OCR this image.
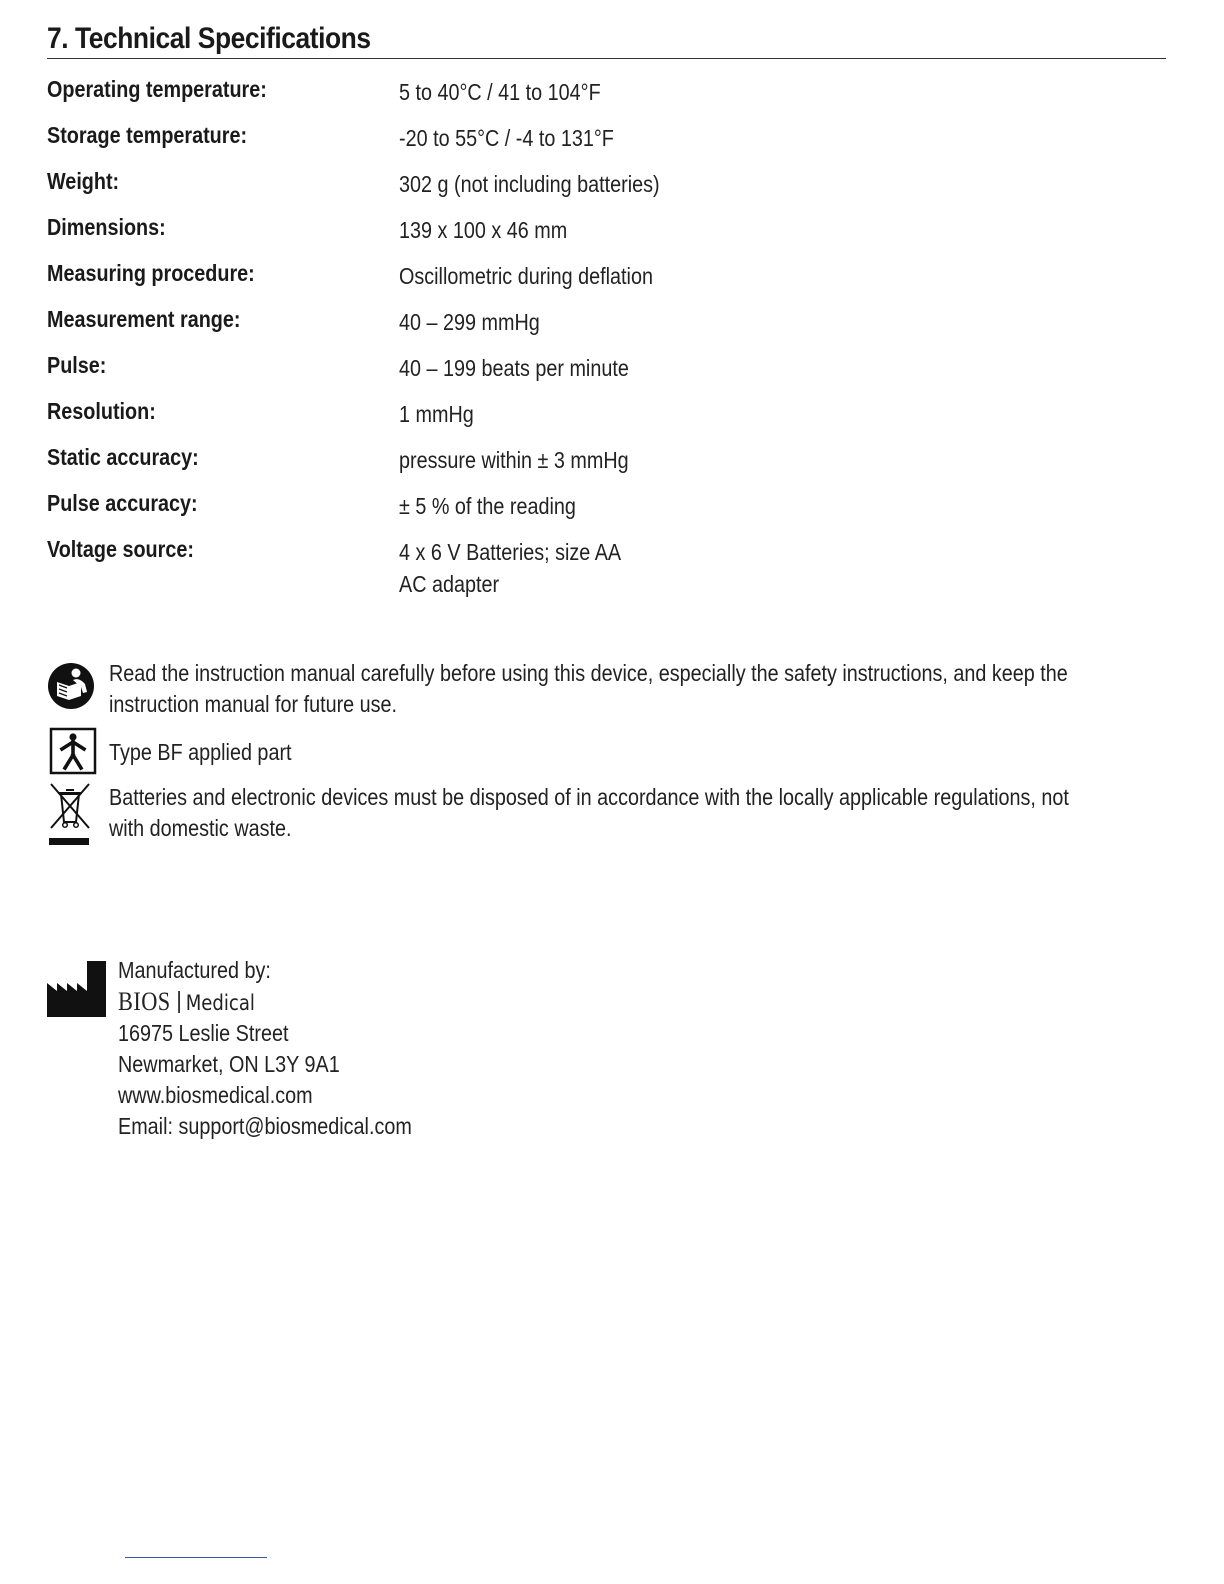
7. Technical Specifications
Operating temperature:	5 to 40°C / 41 to 104°F
Storage temperature:	-20 to 55°C / -4 to 131°F
Weight:	302 g (not including batteries)
Dimensions:	139 x 100 x 46 mm
Measuring procedure:	Oscillometric during deflation
Measurement range:	40 – 299 mmHg
Pulse:	40 – 199 beats per minute
Resolution:	1 mmHg
Static accuracy:	pressure within ± 3 mmHg
Pulse accuracy:	± 5 % of the reading
Voltage source:	4 x 6 V Batteries; size AA
AC adapter
Read the instruction manual carefully before using this device, especially the safety instructions, and keep the
instruction manual for future use.
Type BF applied part
Batteries and electronic devices must be disposed of in accordance with the locally applicable regulations, not
with domestic waste.
Manufactured by:
BIOS Medical
16975 Leslie Street
Newmarket, ON L3Y 9A1
www.biosmedical.com
Email: support@biosmedical.com
